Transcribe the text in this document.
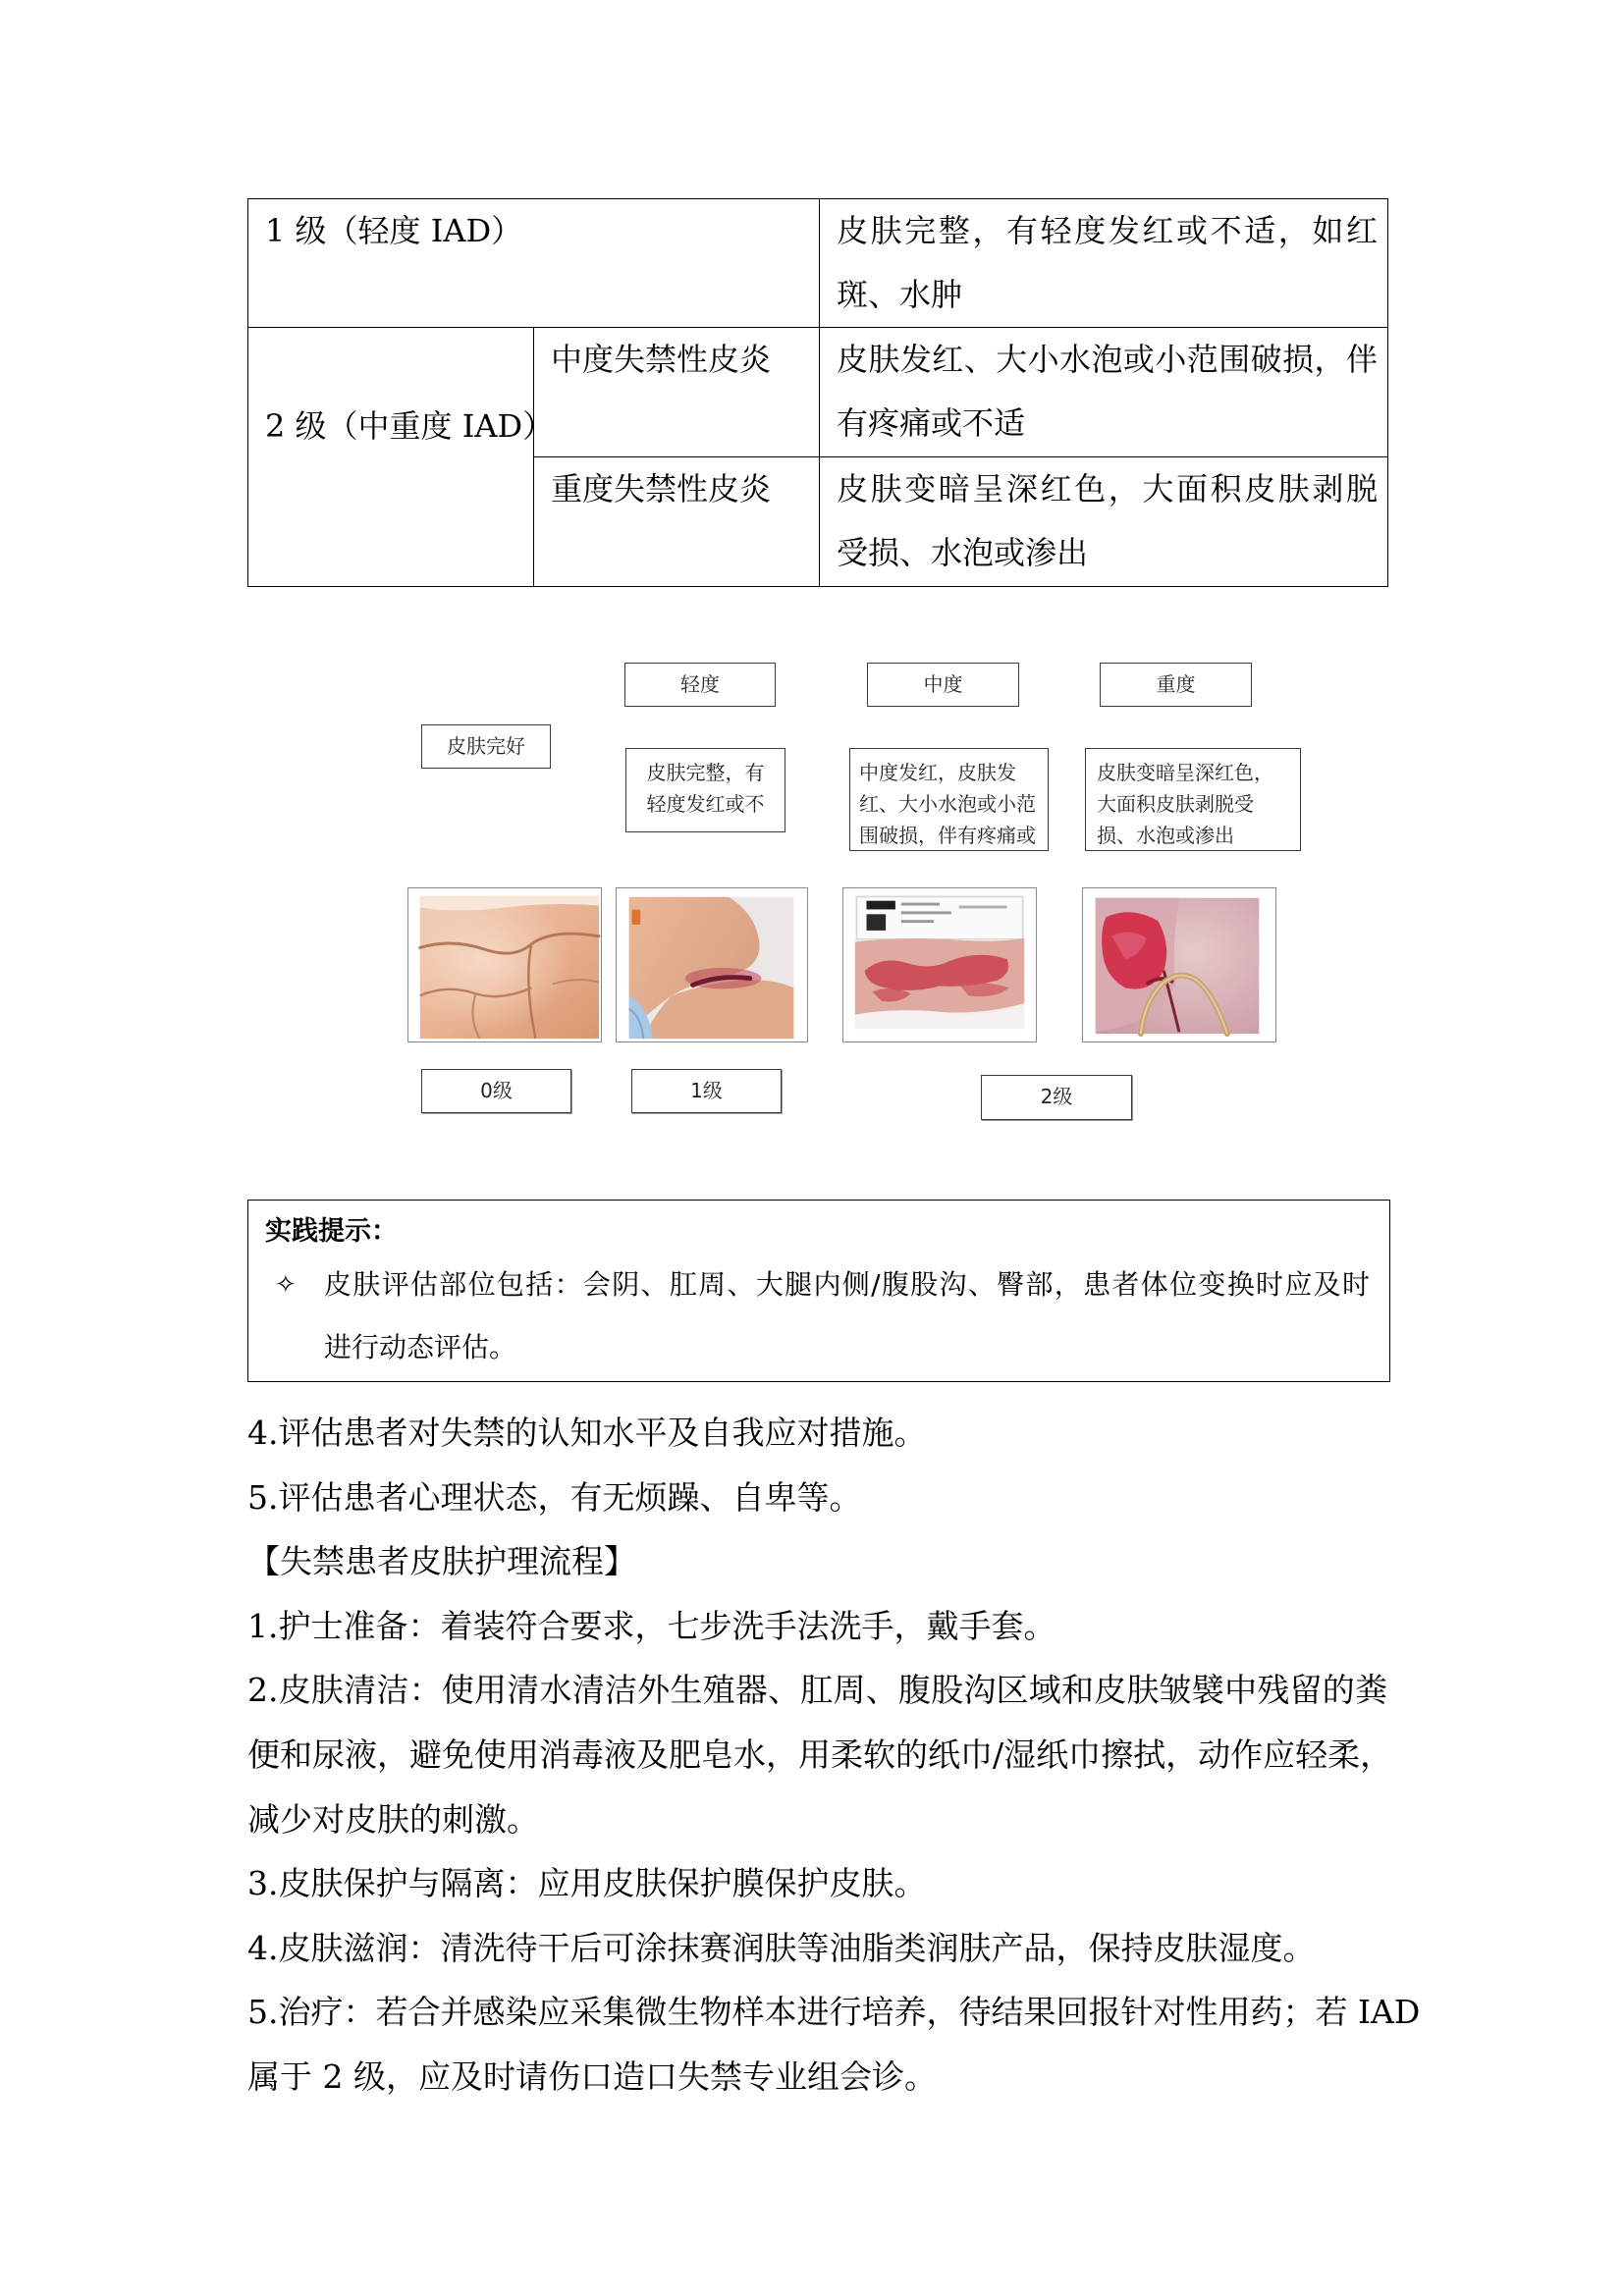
1 级（轻度 IAD）		皮肤完整，有轻度发红或不适，如红
斑、水肿

2 级（中重度 IAD）	中度失禁性皮炎	皮肤发红、大小水泡或小范围破损，伴
有疼痛或不适

	重度失禁性皮炎	皮肤变暗呈深红色，大面积皮肤剥脱
受损、水泡或渗出
轻度	中度	重度
皮肤完好
皮肤完整，有
轻度发红或不
中度发红，皮肤发
红、大小水泡或小范
围破损，伴有疼痛或
皮肤变暗呈深红色，
大面积皮肤剥脱受
损、水泡或渗出
0级	1级	2级
实践提示：
✧ 皮肤评估部位包括：会阴、肛周、大腿内侧/腹股沟、臀部，患者体位变换时应及时
进行动态评估。

4.评估患者对失禁的认知水平及自我应对措施。

5.评估患者心理状态，有无烦躁、自卑等。

【失禁患者皮肤护理流程】

1.护士准备：着装符合要求，七步洗手法洗手，戴手套。

2.皮肤清洁：使用清水清洁外生殖器、肛周、腹股沟区域和皮肤皱襞中残留的粪
便和尿液，避免使用消毒液及肥皂水，用柔软的纸巾/湿纸巾擦拭，动作应轻柔，
减少对皮肤的刺激。

3.皮肤保护与隔离：应用皮肤保护膜保护皮肤。

4.皮肤滋润：清洗待干后可涂抹赛润肤等油脂类润肤产品，保持皮肤湿度。

5.治疗：若合并感染应采集微生物样本进行培养，待结果回报针对性用药；若 IAD
属于 2 级，应及时请伤口造口失禁专业组会诊。
